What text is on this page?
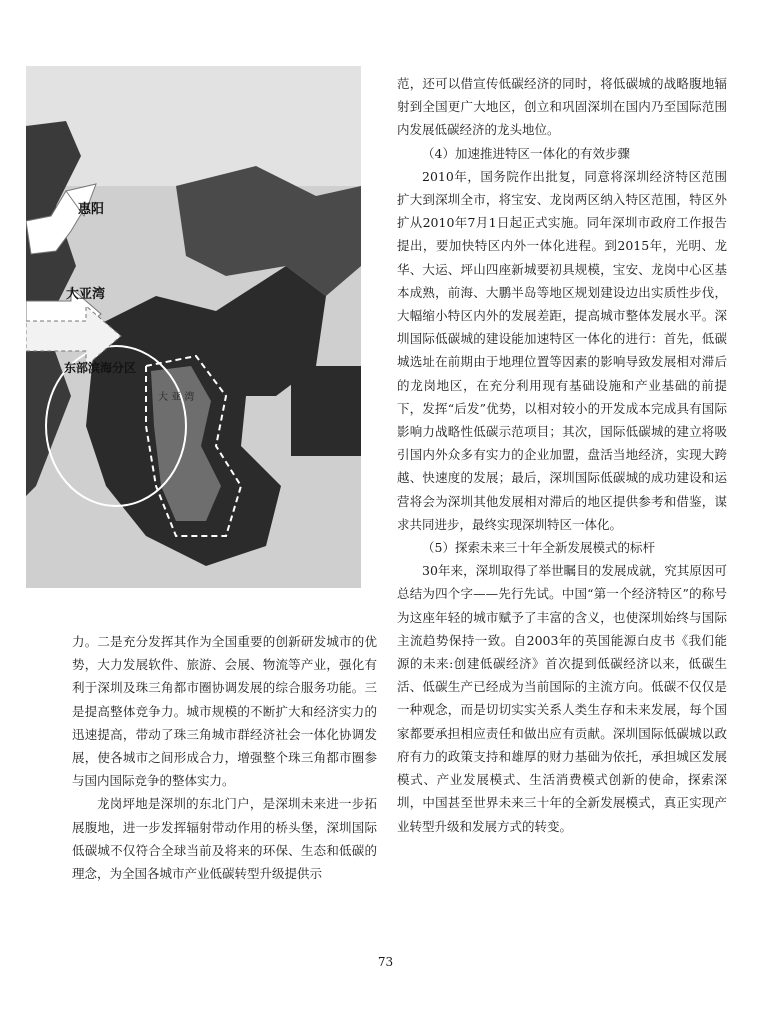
惠阳
大亚湾
东部滨海分区
大 亚 湾

范，还可以借宣传低碳经济的同时，将低碳城的战略腹地辐射到全国更广大地区，创立和巩固深圳在国内乃至国际范围内发展低碳经济的龙头地位。

（4）加速推进特区一体化的有效步骤

2010年，国务院作出批复，同意将深圳经济特区范围扩大到深圳全市，将宝安、龙岗两区纳入特区范围，特区外扩从2010年7月1日起正式实施。同年深圳市政府工作报告提出，要加快特区内外一体化进程。到2015年，光明、龙华、大运、坪山四座新城要初具规模，宝安、龙岗中心区基本成熟，前海、大鹏半岛等地区规划建设边出实质性步伐，大幅缩小特区内外的发展差距，提高城市整体发展水平。深圳国际低碳城的建设能加速特区一体化的进行：首先，低碳城选址在前期由于地理位置等因素的影响导致发展相对滞后的龙岗地区，在充分利用现有基础设施和产业基础的前提下，发挥“后发”优势，以相对较小的开发成本完成具有国际影响力战略性低碳示范项目；其次，国际低碳城的建立将吸引国内外众多有实力的企业加盟，盘活当地经济，实现大跨越、快速度的发展；最后，深圳国际低碳城的成功建设和运营将会为深圳其他发展相对滞后的地区提供参考和借鉴，谋求共同进步，最终实现深圳特区一体化。

（5）探索未来三十年全新发展模式的标杆

30年来，深圳取得了举世瞩目的发展成就，究其原因可总结为四个字——先行先试。中国“第一个经济特区”的称号为这座年轻的城市赋予了丰富的含义，也使深圳始终与国际主流趋势保持一致。自2003年的英国能源白皮书《我们能源的未来:创建低碳经济》首次提到低碳经济以来，低碳生活、低碳生产已经成为当前国际的主流方向。低碳不仅仅是一种观念，而是切切实实关系人类生存和未来发展，每个国家都要承担相应责任和做出应有贡献。深圳国际低碳城以政府有力的政策支持和雄厚的财力基础为依托，承担城区发展模式、产业发展模式、生活消费模式创新的使命，探索深圳，中国甚至世界未来三十年的全新发展模式，真正实现产业转型升级和发展方式的转变。

力。二是充分发挥其作为全国重要的创新研发城市的优势，大力发展软件、旅游、会展、物流等产业，强化有利于深圳及珠三角都市圈协调发展的综合服务功能。三是提高整体竞争力。城市规模的不断扩大和经济实力的迅速提高，带动了珠三角城市群经济社会一体化协调发展，使各城市之间形成合力，增强整个珠三角都市圈参与国内国际竞争的整体实力。

龙岗坪地是深圳的东北门户，是深圳未来进一步拓展腹地，进一步发挥辐射带动作用的桥头堡，深圳国际低碳城不仅符合全球当前及将来的环保、生态和低碳的理念，为全国各城市产业低碳转型升级提供示

73
